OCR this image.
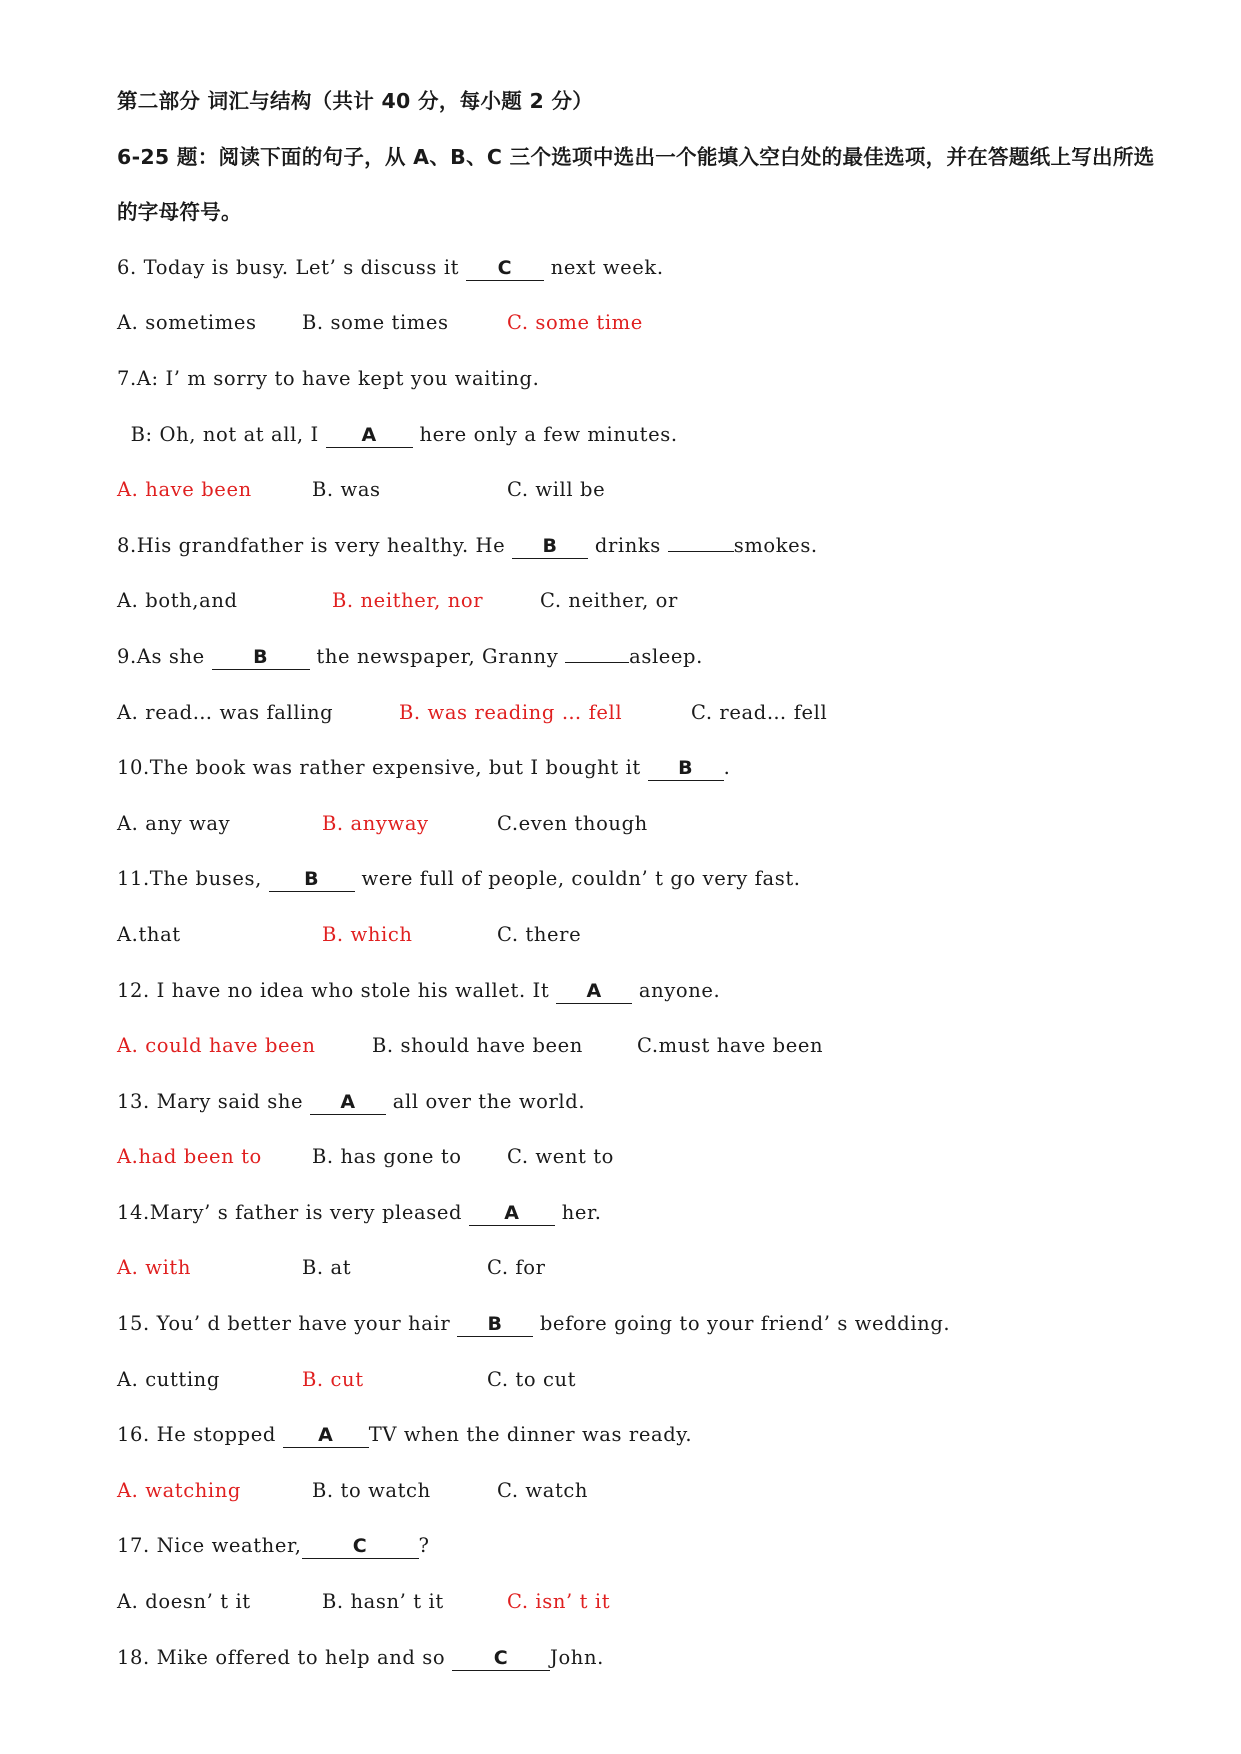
第二部分 词汇与结构（共计 40 分，每小题 2 分）
6-25 题：阅读下面的句子，从 A、B、C 三个选项中选出一个能填入空白处的最佳选项，并在答题纸上写出所选
的字母符号。
6. Today is busy. Let’ s discuss it C next week.
A. sometimes B. some times	C. some time
7.A: I’ m sorry to have kept you waiting.
B: Oh, not at all, I A here only a few minutes.
A. have been	B. was	C. will be
8.His grandfather is very healthy. He B drinks	smokes.
A. both,and	B. neither, nor	C. neither, or
9.As she B the newspaper, Granny	asleep.
A. read… was falling	B. was reading … fell	C. read… fell
10.The book was rather expensive, but I bought it B .
A. any way	B. anyway	C.even though
11.The buses, B were full of people, couldn’ t go very fast.
A.that	B. which	C. there
12. I have no idea who stole his wallet. It A anyone.
A. could have been	B. should have been	C.must have been
13. Mary said she A all over the world.
A.had been to	B. has gone to C. went to
14.Mary’ s father is very pleased A her.
A. with	B. at	C. for
15. You’ d better have your hair B before going to your friend’ s wedding.
A. cutting	B. cut	C. to cut
16. He stopped A TV when the dinner was ready.
A. watching	B. to watch	C. watch
17. Nice weather,	C	?
A. doesn’ t it	B. hasn’ t it	C. isn’ t it
18. Mike offered to help and so C John.
